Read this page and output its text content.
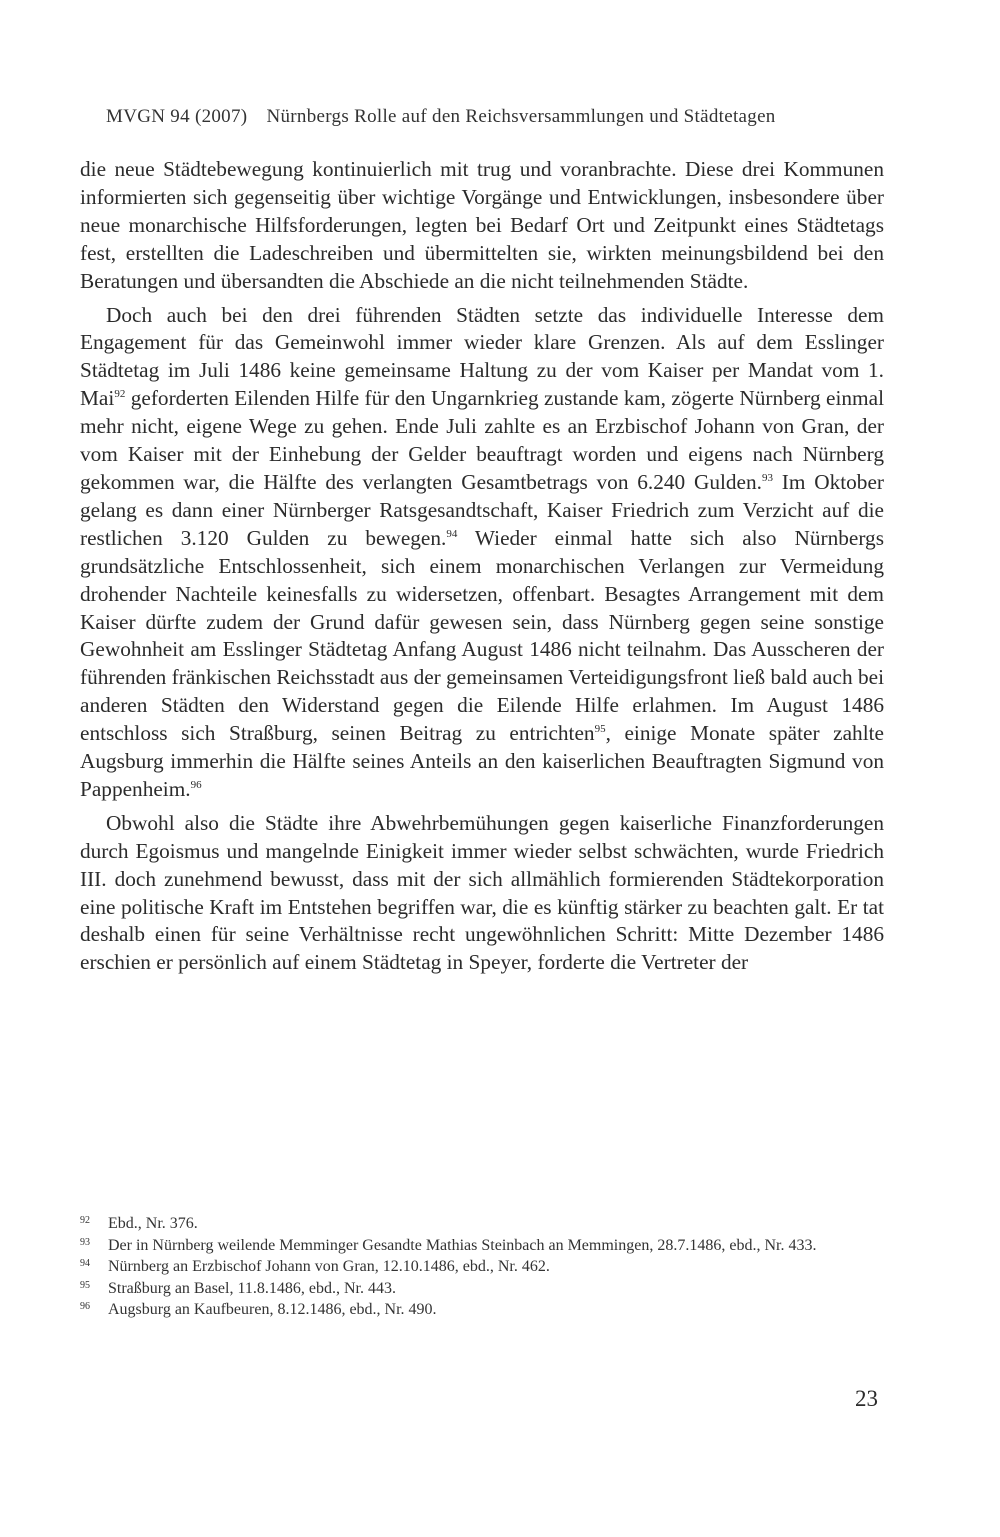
MVGN 94 (2007) Nürnbergs Rolle auf den Reichsversammlungen und Städtetagen

die neue Städtebewegung kontinuierlich mit trug und voranbrachte. Diese drei Kommunen informierten sich gegenseitig über wichtige Vorgänge und Entwicklungen, insbesondere über neue monarchische Hilfsforderungen, legten bei Bedarf Ort und Zeitpunkt eines Städtetags fest, erstellten die Ladeschreiben und übermittelten sie, wirkten meinungsbildend bei den Beratungen und übersandten die Abschiede an die nicht teilnehmenden Städte.

Doch auch bei den drei führenden Städten setzte das individuelle Interesse dem Engagement für das Gemeinwohl immer wieder klare Grenzen. Als auf dem Esslinger Städtetag im Juli 1486 keine gemeinsame Haltung zu der vom Kaiser per Mandat vom 1. Mai$^{92}$ geforderten Eilenden Hilfe für den Ungarnkrieg zustande kam, zögerte Nürnberg einmal mehr nicht, eigene Wege zu gehen. Ende Juli zahlte es an Erzbischof Johann von Gran, der vom Kaiser mit der Einhebung der Gelder beauftragt worden und eigens nach Nürnberg gekommen war, die Hälfte des verlangten Gesamtbetrags von 6.240 Gulden.$^{93}$ Im Oktober gelang es dann einer Nürnberger Ratsgesandtschaft, Kaiser Friedrich zum Verzicht auf die restlichen 3.120 Gulden zu bewegen.$^{94}$ Wieder einmal hatte sich also Nürnbergs grundsätzliche Entschlossenheit, sich einem monarchischen Verlangen zur Vermeidung drohender Nachteile keinesfalls zu widersetzen, offenbart. Besagtes Arrangement mit dem Kaiser dürfte zudem der Grund dafür gewesen sein, dass Nürnberg gegen seine sonstige Gewohnheit am Esslinger Städtetag Anfang August 1486 nicht teilnahm. Das Ausscheren der führenden fränkischen Reichsstadt aus der gemeinsamen Verteidigungsfront ließ bald auch bei anderen Städten den Widerstand gegen die Eilende Hilfe erlahmen. Im August 1486 entschloss sich Straßburg, seinen Beitrag zu entrichten$^{95}$, einige Monate später zahlte Augsburg immerhin die Hälfte seines Anteils an den kaiserlichen Beauftragten Sigmund von Pappenheim.$^{96}$

Obwohl also die Städte ihre Abwehrbemühungen gegen kaiserliche Finanzforderungen durch Egoismus und mangelnde Einigkeit immer wieder selbst schwächten, wurde Friedrich III. doch zunehmend bewusst, dass mit der sich allmählich formierenden Städtekorporation eine politische Kraft im Entstehen begriffen war, die es künftig stärker zu beachten galt. Er tat deshalb einen für seine Verhältnisse recht ungewöhnlichen Schritt: Mitte Dezember 1486 erschien er persönlich auf einem Städtetag in Speyer, forderte die Vertreter der

92 Ebd., Nr. 376.
93 Der in Nürnberg weilende Memminger Gesandte Mathias Steinbach an Memmingen, 28.7.1486, ebd., Nr. 433.
94 Nürnberg an Erzbischof Johann von Gran, 12.10.1486, ebd., Nr. 462.
95 Straßburg an Basel, 11.8.1486, ebd., Nr. 443.
96 Augsburg an Kaufbeuren, 8.12.1486, ebd., Nr. 490.
23
